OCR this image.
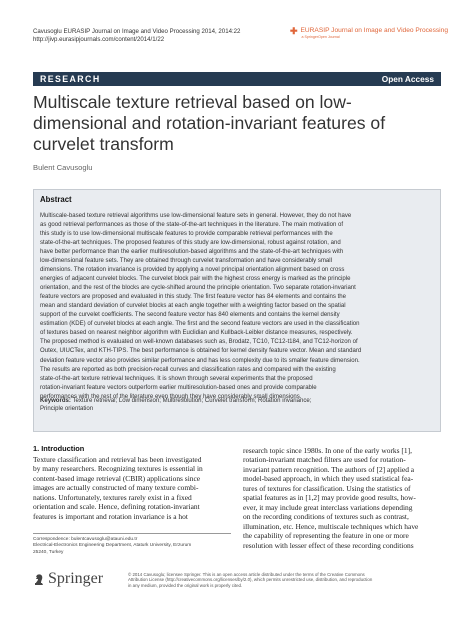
Cavusoglu EURASIP Journal on Image and Video Processing 2014, 2014:22
http://jivp.eurasipjournals.com/content/2014/1/22
✚ EURASIP Journal on Image and Video Processing
a SpringerOpen Journal
RESEARCH	Open Access
Multiscale texture retrieval based on low-dimensional and rotation-invariant features of curvelet transform
Bulent Cavusoglu
Abstract
Multiscale-based texture retrieval algorithms use low-dimensional feature sets in general. However, they do not have
as good retrieval performances as those of the state-of-the-art techniques in the literature. The main motivation of
this study is to use low-dimensional multiscale features to provide comparable retrieval performances with the
state-of-the-art techniques. The proposed features of this study are low-dimensional, robust against rotation, and
have better performance than the earlier multiresolution-based algorithms and the state-of-the-art techniques with
low-dimensional feature sets. They are obtained through curvelet transformation and have considerably small
dimensions. The rotation invariance is provided by applying a novel principal orientation alignment based on cross
energies of adjacent curvelet blocks. The curvelet block pair with the highest cross energy is marked as the principle
orientation, and the rest of the blocks are cycle-shifted around the principle orientation. Two separate rotation-invariant
feature vectors are proposed and evaluated in this study. The first feature vector has 84 elements and contains the
mean and standard deviation of curvelet blocks at each angle together with a weighting factor based on the spatial
support of the curvelet coefficients. The second feature vector has 840 elements and contains the kernel density
estimation (KDE) of curvelet blocks at each angle. The first and the second feature vectors are used in the classification
of textures based on nearest neighbor algorithm with Euclidian and Kullback-Leibler distance measures, respectively.
The proposed method is evaluated on well-known databases such as, Brodatz, TC10, TC12-t184, and TC12-horizon of
Outex, UIUCTex, and KTH-TIPS. The best performance is obtained for kernel density feature vector. Mean and standard
deviation feature vector also provides similar performance and has less complexity due to its smaller feature dimension.
The results are reported as both precision-recall curves and classification rates and compared with the existing
state-of-the-art texture retrieval techniques. It is shown through several experiments that the proposed
rotation-invariant feature vectors outperform earlier multiresolution-based ones and provide comparable
performances with the rest of the literature even though they have considerably small dimensions.
Keywords: Texture retrieval; Low dimension; Multiresolution; Curvelet transform; Rotation invariance;
Principle orientation
1. Introduction
Texture classification and retrieval has been investigated
by many researchers. Recognizing textures is essential in
content-based image retrieval (CBIR) applications since
images are actually constructed of many texture combi-
nations. Unfortunately, textures rarely exist in a fixed
orientation and scale. Hence, defining rotation-invariant
features is important and rotation invariance is a hot
research topic since 1980s. In one of the early works [1],
rotation-invariant matched filters are used for rotation-
invariant pattern recognition. The authors of [2] applied a
model-based approach, in which they used statistical fea-
tures of textures for classification. Using the statistics of
spatial features as in [1,2] may provide good results, how-
ever, it may include great interclass variations depending
on the recording conditions of textures such as contrast,
illumination, etc. Hence, multiscale techniques which have
the capability of representing the feature in one or more
resolution with lesser effect of these recording conditions
Correspondence: bulentcavusoglu@atauni.edu.tr
Electrical-Electronics Engineering Department, Ataturk University, Erzurum
25240, Turkey
Springer	© 2014 Cavusoglu; licensee Springer. This is an open access article distributed under the terms of the Creative Commons
Attribution License (http://creativecommons.org/licenses/by/2.0), which permits unrestricted use, distribution, and reproduction
in any medium, provided the original work is properly cited.
